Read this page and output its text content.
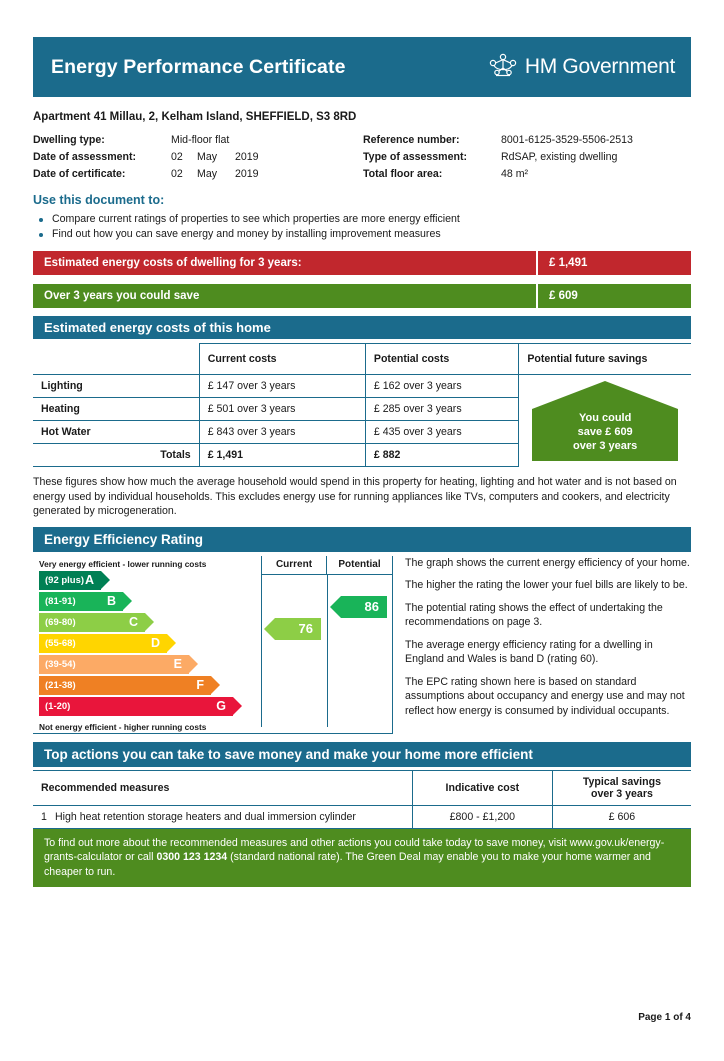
Energy Performance Certificate	HM Government
Apartment 41 Millau, 2, Kelham Island, SHEFFIELD, S3 8RD
Dwelling type:	Mid-floor flat
Date of assessment:	02 May 2019
Date of certificate:	02 May 2019
Reference number:	8001-6125-3529-5506-2513
Type of assessment:	RdSAP, existing dwelling
Total floor area:	48 m²
Use this document to:
Compare current ratings of properties to see which properties are more energy efficient
Find out how you can save energy and money by installing improvement measures
Estimated energy costs of dwelling for 3 years:	£ 1,491
Over 3 years you could save	£ 609
Estimated energy costs of this home
	Current costs	Potential costs	Potential future savings
Lighting	£ 147 over 3 years	£ 162 over 3 years	You could
save £ 609
over 3 years

Heating	£ 501 over 3 years	£ 285 over 3 years	
Hot Water	£ 843 over 3 years	£ 435 over 3 years	
Totals	£ 1,491	£ 882	
These figures show how much the average household would spend in this property for heating, lighting and hot water and is not based on energy used by individual households. This excludes energy use for running appliances like TVs, computers and cookers, and electricity generated by microgeneration.
Energy Efficiency Rating
Very energy efficient - lower running costs
(92 plus) A
(81-91)	B
(69-80)	C
(55-68)	D
(39-54)	E
(21-38)	F
(1-20)	G
Not energy efficient - higher running costs
Current	Potential
76
86

The graph shows the current energy efficiency of your home.

The higher the rating the lower your fuel bills are likely to be.

The potential rating shows the effect of undertaking the recommendations on page 3.

The average energy efficiency rating for a dwelling in England and Wales is band D (rating 60).

The EPC rating shown here is based on standard assumptions about occupancy and energy use and may not reflect how energy is consumed by individual occupants.

Top actions you can take to save money and make your home more efficient
Recommended measures	Indicative cost	Typical savings
over 3 years

1 High heat retention storage heaters and dual immersion cylinder	£800 - £1,200	£ 606
To find out more about the recommended measures and other actions you could take today to save money, visit www.gov.uk/energy-grants-calculator or call 0300 123 1234 (standard national rate). The Green Deal may enable you to make your home warmer and cheaper to run.
Page 1 of 4
